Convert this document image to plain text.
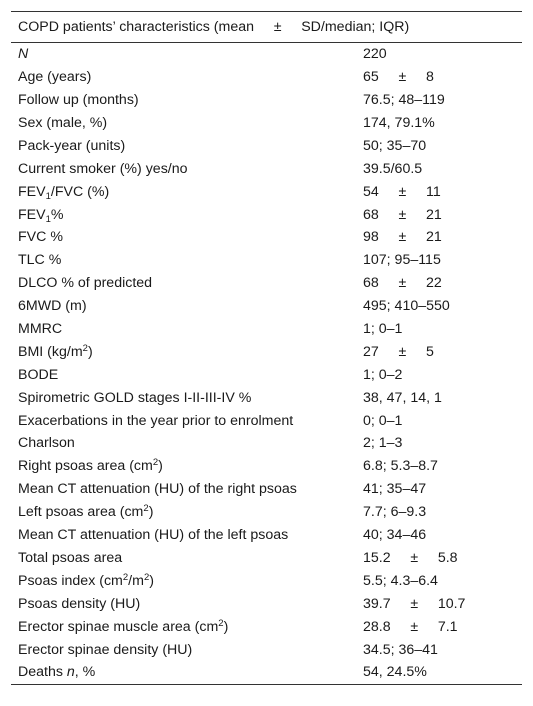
COPD patients’ characteristics (mean     ±     SD/median; IQR)	
N	220
Age (years)	65     ±     8
Follow up (months)	76.5; 48–119
Sex (male, %)	174, 79.1%
Pack-year (units)	50; 35–70
Current smoker (%) yes/no	39.5/60.5
$FEV_1$/FVC (%)	54     ±     11
$FEV_1\%$	68     ±     21
FVC %	98     ±     21
TLC %	107; 95–115
DLCO % of predicted	68     ±     22
6MWD (m)	495; 410–550
MMRC	1; 0–1
BMI $(kg/m^2)$	27     ±     5
BODE	1; 0–2
Spirometric GOLD stages I-II-III-IV %	38, 47, 14, 1
Exacerbations in the year prior to enrolment	0; 0–1
Charlson	2; 1–3
Right psoas area $(cm^2)$	6.8; 5.3–8.7
Mean CT attenuation (HU) of the right psoas	41; 35–47
Left psoas area $(cm^2)$	7.7; 6–9.3
Mean CT attenuation (HU) of the left psoas	40; 34–46
Total psoas area	15.2     ±     5.8
Psoas index $(cm^2/m^2)$	5.5; 4.3–6.4
Psoas density (HU)	39.7     ±     10.7
Erector spinae muscle area $(cm^2)$	28.8     ±     7.1
Erector spinae density (HU)	34.5; 36–41
Deaths n, %	54, 24.5%
